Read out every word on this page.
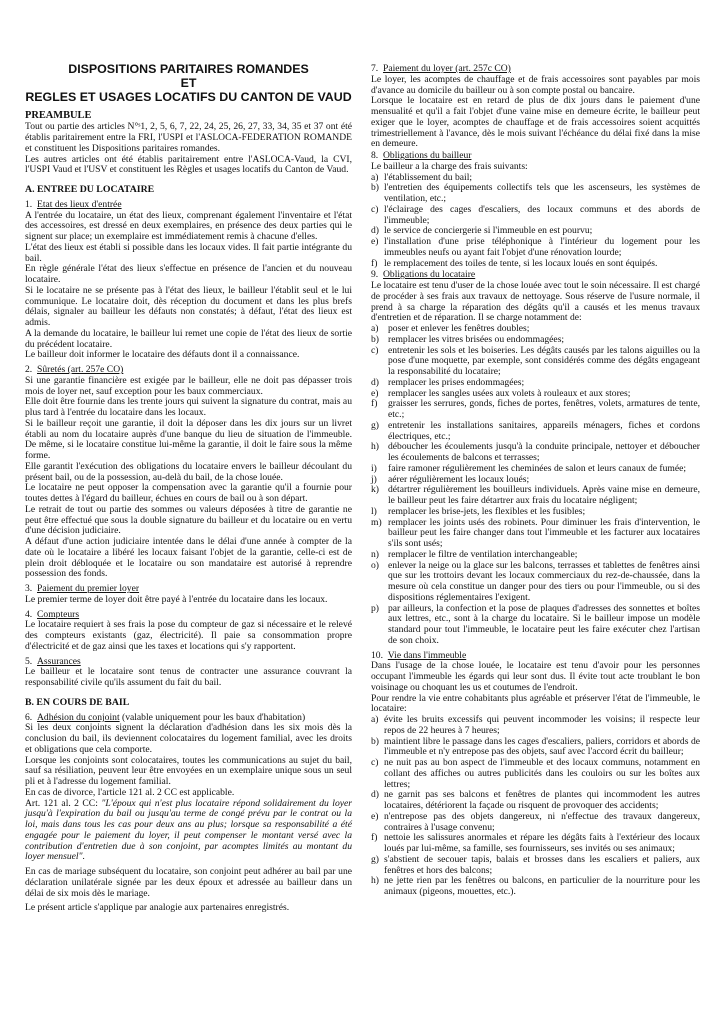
DISPOSITIONS PARITAIRES ROMANDES
ET
REGLES ET USAGES LOCATIFS DU CANTON DE VAUD
PREAMBULE

Tout ou partie des articles N°ˢ1, 2, 5, 6, 7, 22, 24, 25, 26, 27, 33, 34, 35 et 37 ont été établis paritairement entre la FRI, l'USPI et l'ASLOCA-FEDERATION ROMANDE et constituent les Dispositions paritaires romandes.

Les autres articles ont été établis paritairement entre l'ASLOCA-Vaud, la CVI, l'USPI Vaud et l'USV et constituent les Règles et usages locatifs du Canton de Vaud.

A. ENTREE DU LOCATAIRE
1. Etat des lieux d'entrée

A l'entrée du locataire, un état des lieux, comprenant également l'inventaire et l'état des accessoires, est dressé en deux exemplaires, en présence des deux parties qui le signent sur place; un exemplaire est immédiatement remis à chacune d'elles.

L'état des lieux est établi si possible dans les locaux vides. Il fait partie intégrante du bail.

En règle générale l'état des lieux s'effectue en présence de l'ancien et du nouveau locataire.

Si le locataire ne se présente pas à l'état des lieux, le bailleur l'établit seul et le lui communique. Le locataire doit, dès réception du document et dans les plus brefs délais, signaler au bailleur les défauts non constatés; à défaut, l'état des lieux est admis.

A la demande du locataire, le bailleur lui remet une copie de l'état des lieux de sortie du précédent locataire.

Le bailleur doit informer le locataire des défauts dont il a connaissance.

2. Sûretés (art. 257e CO)

Si une garantie financière est exigée par le bailleur, elle ne doit pas dépasser trois mois de loyer net, sauf exception pour les baux commerciaux.

Elle doit être fournie dans les trente jours qui suivent la signature du contrat, mais au plus tard à l'entrée du locataire dans les locaux.

Si le bailleur reçoit une garantie, il doit la déposer dans les dix jours sur un livret établi au nom du locataire auprès d'une banque du lieu de situation de l'immeuble. De même, si le locataire constitue lui-même la garantie, il doit le faire sous la même forme.

Elle garantit l'exécution des obligations du locataire envers le bailleur découlant du présent bail, ou de la possession, au-delà du bail, de la chose louée.

Le locataire ne peut opposer la compensation avec la garantie qu'il a fournie pour toutes dettes à l'égard du bailleur, échues en cours de bail ou à son départ.

Le retrait de tout ou partie des sommes ou valeurs déposées à titre de garantie ne peut être effectué que sous la double signature du bailleur et du locataire ou en vertu d'une décision judiciaire.

A défaut d'une action judiciaire intentée dans le délai d'une année à compter de la date où le locataire a libéré les locaux faisant l'objet de la garantie, celle-ci est de plein droit débloquée et le locataire ou son mandataire est autorisé à reprendre possession des fonds.

3. Paiement du premier loyer

Le premier terme de loyer doit être payé à l'entrée du locataire dans les locaux.

4. Compteurs

Le locataire requiert à ses frais la pose du compteur de gaz si nécessaire et le relevé des compteurs existants (gaz, électricité). Il paie sa consommation propre d'électricité et de gaz ainsi que les taxes et locations qui s'y rapportent.

5. Assurances

Le bailleur et le locataire sont tenus de contracter une assurance couvrant la responsabilité civile qu'ils assument du fait du bail.

B. EN COURS DE BAIL
6. Adhésion du conjoint (valable uniquement pour les baux d'habitation)

Si les deux conjoints signent la déclaration d'adhésion dans les six mois dès la conclusion du bail, ils deviennent colocataires du logement familial, avec les droits et obligations que cela comporte.

Lorsque les conjoints sont colocataires, toutes les communications au sujet du bail, sauf sa résiliation, peuvent leur être envoyées en un exemplaire unique sous un seul pli et à l'adresse du logement familial.

En cas de divorce, l'article 121 al. 2 CC est applicable.

Art. 121 al. 2 CC: "L'époux qui n'est plus locataire répond solidairement du loyer jusqu'à l'expiration du bail ou jusqu'au terme de congé prévu par le contrat ou la loi, mais dans tous les cas pour deux ans au plus; lorsque sa responsabilité a été engagée pour le paiement du loyer, il peut compenser le montant versé avec la contribution d'entretien due à son conjoint, par acomptes limités au montant du loyer mensuel".

En cas de mariage subséquent du locataire, son conjoint peut adhérer au bail par une déclaration unilatérale signée par les deux époux et adressée au bailleur dans un délai de six mois dès le mariage.

Le présent article s'applique par analogie aux partenaires enregistrés.

7. Paiement du loyer (art. 257c CO)

Le loyer, les acomptes de chauffage et de frais accessoires sont payables par mois d'avance au domicile du bailleur ou à son compte postal ou bancaire.

Lorsque le locataire est en retard de plus de dix jours dans le paiement d'une mensualité et qu'il a fait l'objet d'une vaine mise en demeure écrite, le bailleur peut exiger que le loyer, acomptes de chauffage et de frais accessoires soient acquittés trimestriellement à l'avance, dès le mois suivant l'échéance du délai fixé dans la mise en demeure.

8. Obligations du bailleur

Le bailleur a la charge des frais suivants:

a) l'établissement du bail;
b) l'entretien des équipements collectifs tels que les ascenseurs, les systèmes de ventilation, etc.;
c) l'éclairage des cages d'escaliers, des locaux communs et des abords de l'immeuble;
d) le service de conciergerie si l'immeuble en est pourvu;
e) l'installation d'une prise téléphonique à l'intérieur du logement pour les immeubles neufs ou ayant fait l'objet d'une rénovation lourde;
f) le remplacement des toiles de tente, si les locaux loués en sont équipés.
9. Obligations du locataire

Le locataire est tenu d'user de la chose louée avec tout le soin nécessaire. Il est chargé de procéder à ses frais aux travaux de nettoyage. Sous réserve de l'usure normale, il prend à sa charge la réparation des dégâts qu'il a causés et les menus travaux d'entretien et de réparation. Il se charge notamment de:

a) poser et enlever les fenêtres doubles;
b) remplacer les vitres brisées ou endommagées;
c) entretenir les sols et les boiseries. Les dégâts causés par les talons aiguilles ou la pose d'une moquette, par exemple, sont considérés comme des dégâts engageant la responsabilité du locataire;
d) remplacer les prises endommagées;
e) remplacer les sangles usées aux volets à rouleaux et aux stores;
f) graisser les serrures, gonds, fiches de portes, fenêtres, volets, armatures de tente, etc.;
g) entretenir les installations sanitaires, appareils ménagers, fiches et cordons électriques, etc.;
h) déboucher les écoulements jusqu'à la conduite principale, nettoyer et déboucher les écoulements de balcons et terrasses;
i) faire ramoner régulièrement les cheminées de salon et leurs canaux de fumée;
j) aérer régulièrement les locaux loués;
k) détartrer régulièrement les bouilleurs individuels. Après vaine mise en demeure, le bailleur peut les faire détartrer aux frais du locataire négligent;
l) remplacer les brise-jets, les flexibles et les fusibles;
m) remplacer les joints usés des robinets. Pour diminuer les frais d'intervention, le bailleur peut les faire changer dans tout l'immeuble et les facturer aux locataires s'ils sont usés;
n) remplacer le filtre de ventilation interchangeable;
o) enlever la neige ou la glace sur les balcons, terrasses et tablettes de fenêtres ainsi que sur les trottoirs devant les locaux commerciaux du rez-de-chaussée, dans la mesure où cela constitue un danger pour des tiers ou pour l'immeuble, ou si des dispositions réglementaires l'exigent.
p) par ailleurs, la confection et la pose de plaques d'adresses des sonnettes et boîtes aux lettres, etc., sont à la charge du locataire. Si le bailleur impose un modèle standard pour tout l'immeuble, le locataire peut les faire exécuter chez l'artisan de son choix.
10. Vie dans l'immeuble

Dans l'usage de la chose louée, le locataire est tenu d'avoir pour les personnes occupant l'immeuble les égards qui leur sont dus. Il évite tout acte troublant le bon voisinage ou choquant les us et coutumes de l'endroit.

Pour rendre la vie entre cohabitants plus agréable et préserver l'état de l'immeuble, le locataire:

a) évite les bruits excessifs qui peuvent incommoder les voisins; il respecte leur repos de 22 heures à 7 heures;
b) maintient libre le passage dans les cages d'escaliers, paliers, corridors et abords de l'immeuble et n'y entrepose pas des objets, sauf avec l'accord écrit du bailleur;
c) ne nuit pas au bon aspect de l'immeuble et des locaux communs, notamment en collant des affiches ou autres publicités dans les couloirs ou sur les boîtes aux lettres;
d) ne garnit pas ses balcons et fenêtres de plantes qui incommodent les autres locataires, détériorent la façade ou risquent de provoquer des accidents;
e) n'entrepose pas des objets dangereux, ni n'effectue des travaux dangereux, contraires à l'usage convenu;
f) nettoie les salissures anormales et répare les dégâts faits à l'extérieur des locaux loués par lui-même, sa famille, ses fournisseurs, ses invités ou ses animaux;
g) s'abstient de secouer tapis, balais et brosses dans les escaliers et paliers, aux fenêtres et hors des balcons;
h) ne jette rien par les fenêtres ou balcons, en particulier de la nourriture pour les animaux (pigeons, mouettes, etc.).
